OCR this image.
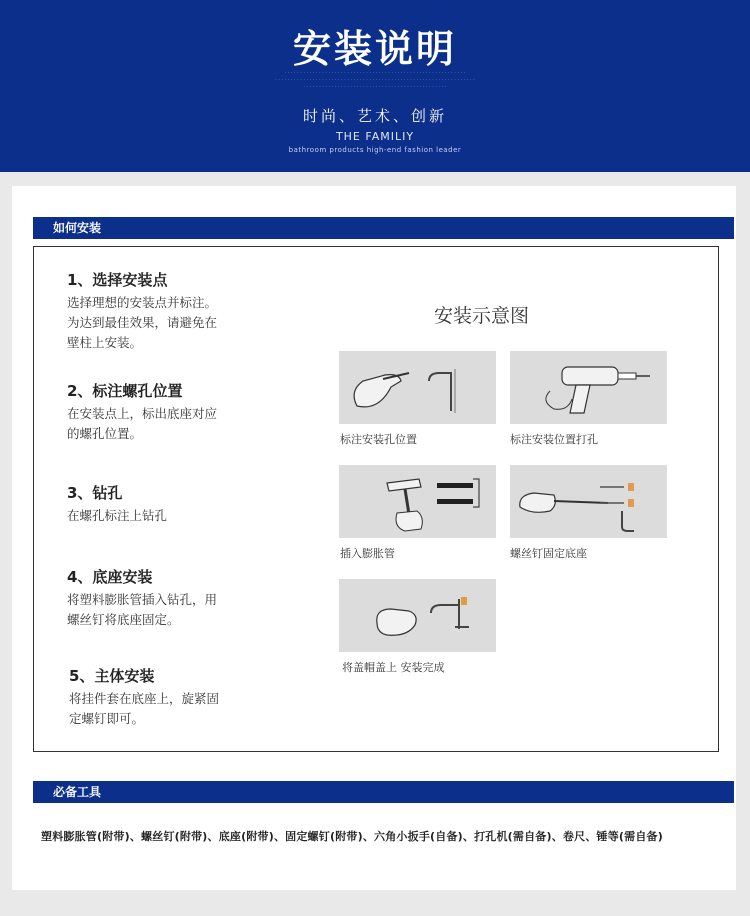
安装说明
· · · · · · · · · · · · · · · · · · · · · · · · · · · · · · · · · · · · · · · · · · · · · · · · · · · · · · · · · ·
· · · · · · · · · · · · · · · · · · · · · · · · · · · · · · · · · · · · · · · · · · · · · · · · · · · · · · · · · · · · · · · ·
· · · · · · · · · · · · · · · · · · · · · · · · · · · · · · · · · · · · · · · · · · · · · ·
时尚、艺术、创新
THE FAMILIY
bathroom products high-end fashion leader
如何安装
1、选择安装点
选择理想的安装点并标注。
为达到最佳效果，请避免在
壁柱上安装。
2、标注螺孔位置
在安装点上，标出底座对应
的螺孔位置。
3、钻孔
在螺孔标注上钻孔
4、底座安装
将塑料膨胀管插入钻孔，用
螺丝钉将底座固定。
5、主体安装
将挂件套在底座上，旋紧固
定螺钉即可。
安装示意图
标注安装孔位置	标注安装位置打孔
插入膨胀管	螺丝钉固定底座
将盖帽盖上 安装完成
必备工具
塑料膨胀管(附带)、螺丝钉(附带)、底座(附带)、固定螺钉(附带)、六角小扳手(自备)、打孔机(需自备)、卷尺、锤等(需自备)
